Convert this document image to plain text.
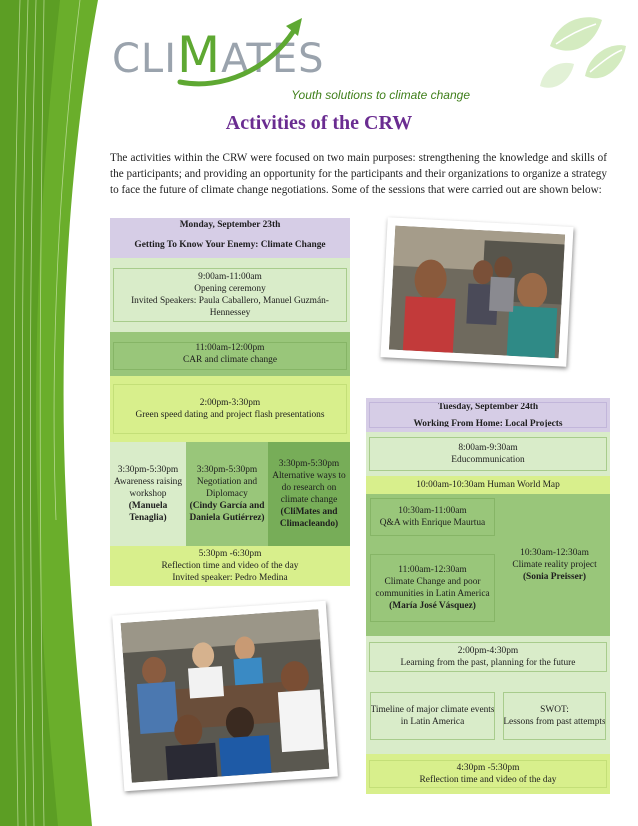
CLIMATES
Youth solutions to climate change
Activities of the CRW
The activities within the CRW were focused on two main purposes: strengthening the knowledge and skills of the participants; and providing an opportunity for the participants and their organizations to organize a strategy to face the future of climate change negotiations. Some of the sessions that were carried out are shown below:
Monday, September 23th
Getting To Know Your Enemy: Climate Change
9:00am-11:00am
Opening ceremony
Invited Speakers: Paula Caballero, Manuel Guzmán-Hennessey
11:00am-12:00pm
CAR and climate change
2:00pm-3:30pm
Green speed dating and project flash presentations
3:30pm-5:30pm
Awareness raising workshop
(Manuela Tenaglia)
3:30pm-5:30pm
Negotiation and Diplomacy
(Cindy García and Daniela Gutiérrez)
3:30pm-5:30pm
Alternative ways to do research on climate change
(CliMates and Climacleando)
5:30pm -6:30pm
Reflection time and video of the day
Invited speaker: Pedro Medina
Tuesday, September 24th
Working From Home: Local Projects
8:00am-9:30am
Educommunication
10:00am-10:30am Human World Map
10:30am-11:00am
Q&A with Enrique Maurtua
11:00am-12:30am
Climate Change and poor communities in Latin America
(María José Vásquez)
10:30am-12:30am
Climate reality project
(Sonia Preisser)
2:00pm-4:30pm
Learning from the past, planning for the future
Timeline of major climate events in Latin America
SWOT:
Lessons from past attempts
4:30pm -5:30pm
Reflection time and video of the day
